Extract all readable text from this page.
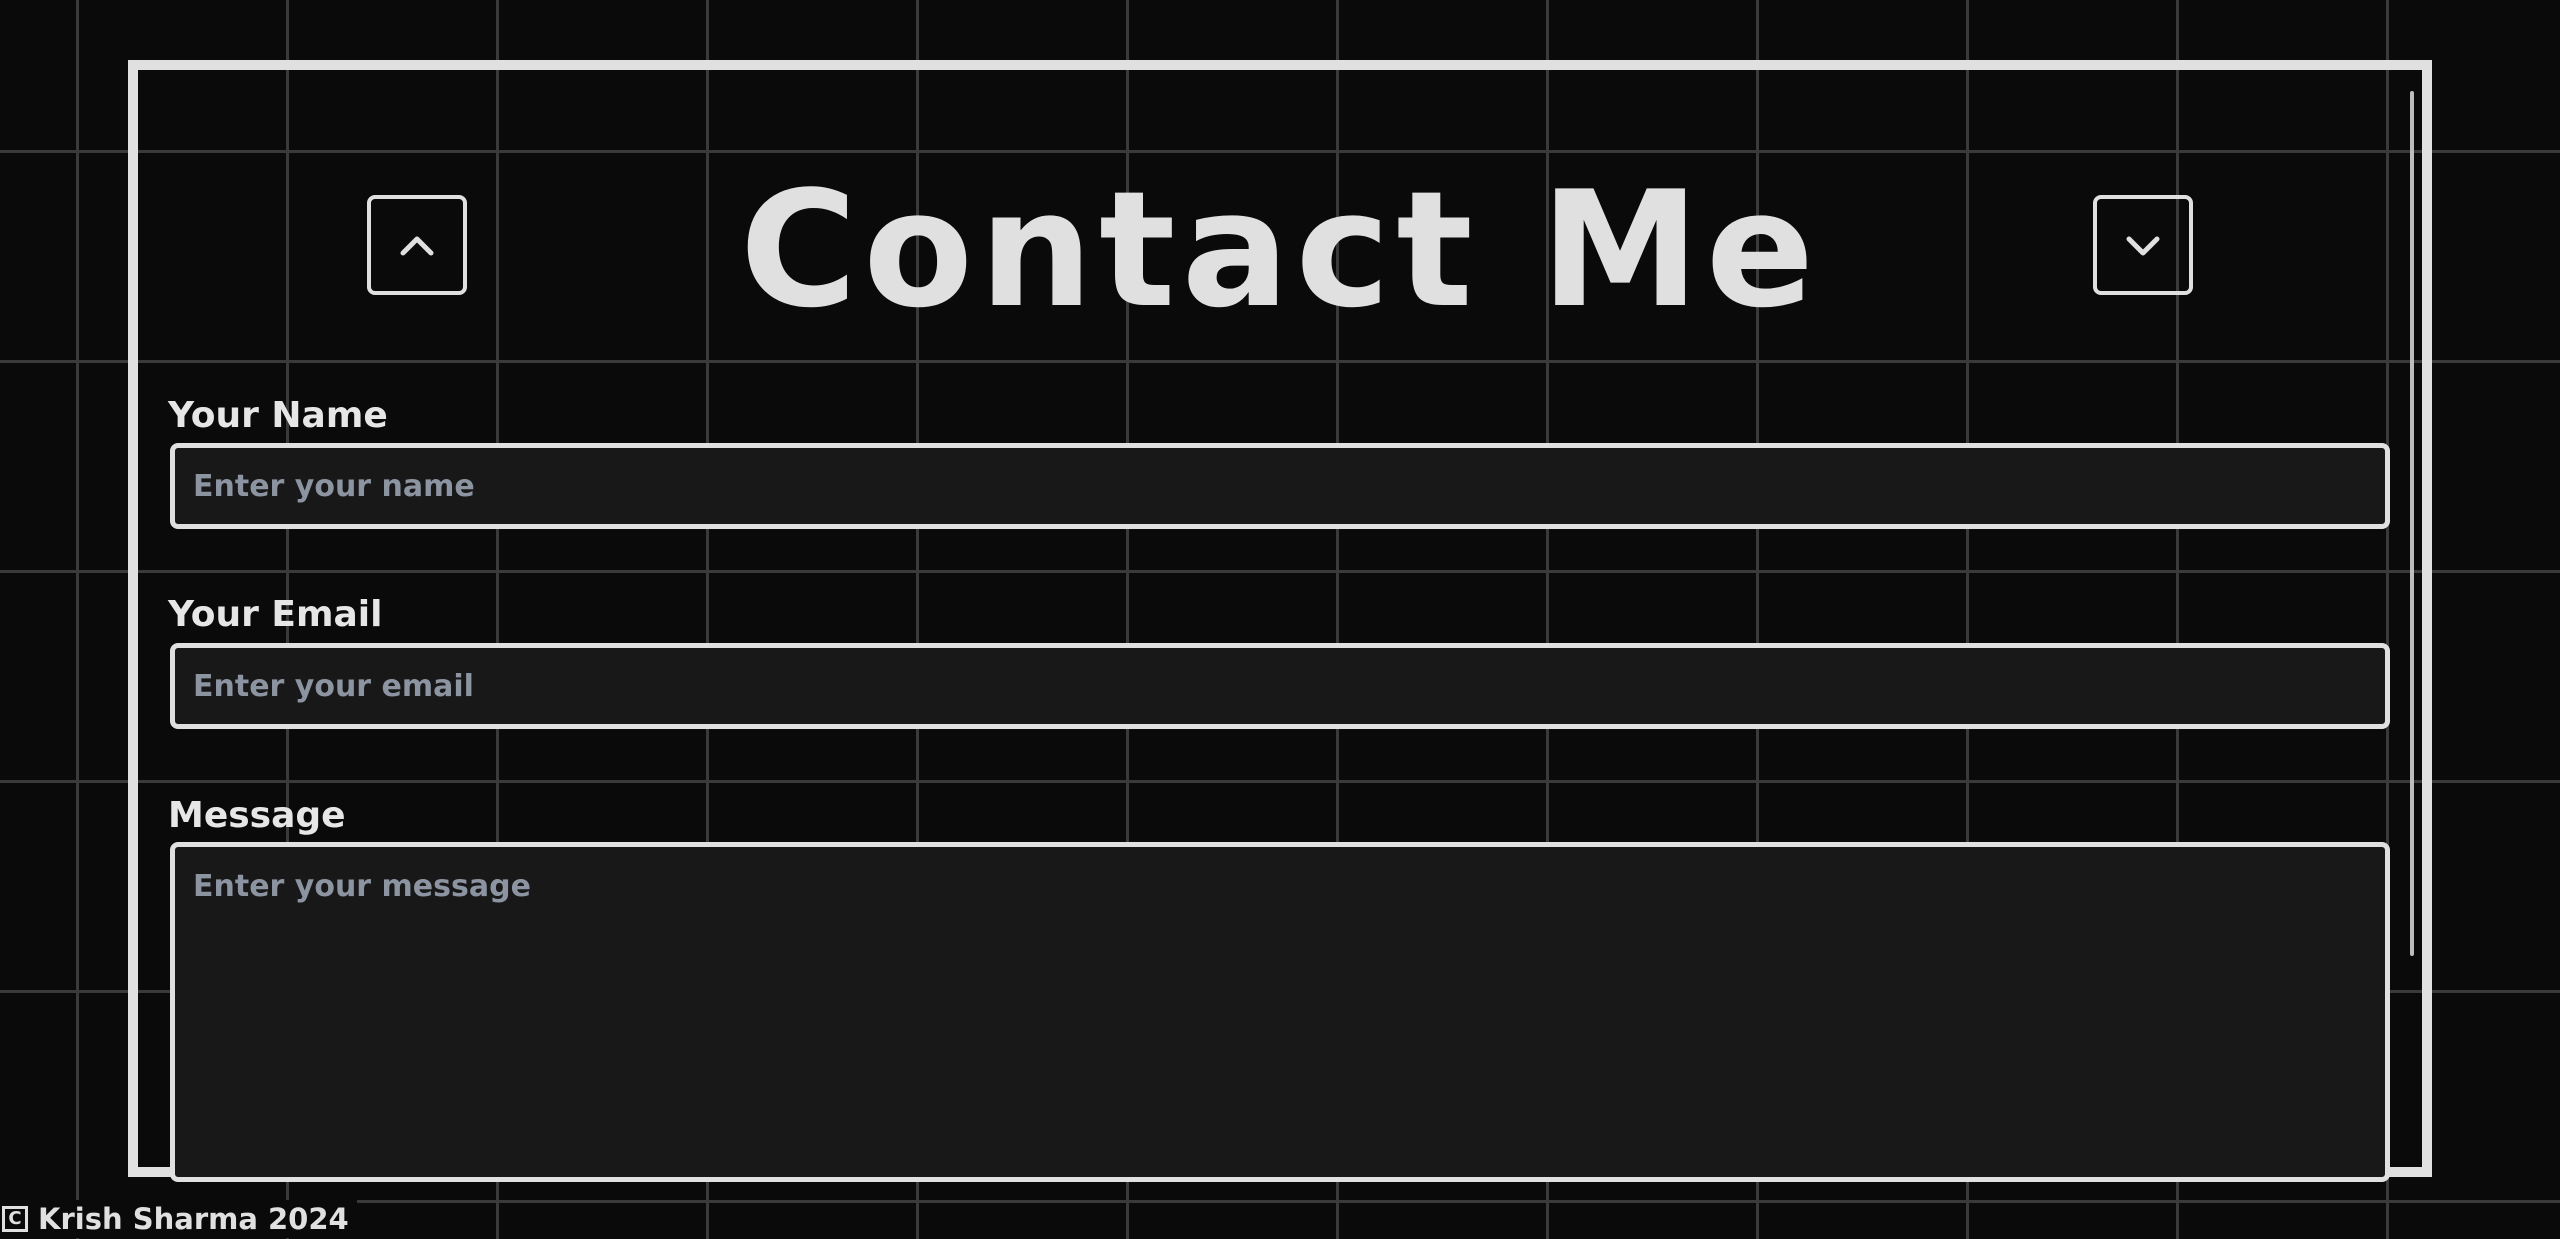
Contact Me
Your Name
Enter your name
Your Email
Enter your email
Message
Enter your message
C Krish Sharma 2024
